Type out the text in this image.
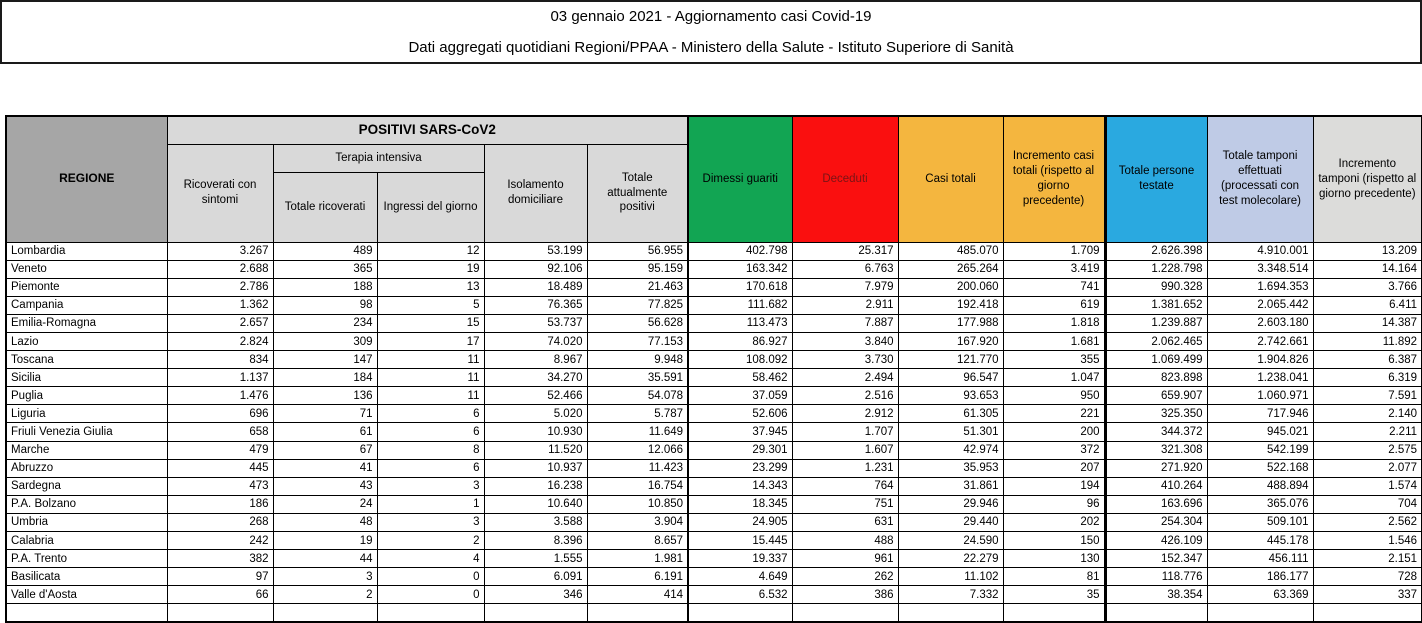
03 gennaio 2021 - Aggiornamento casi Covid-19
Dati aggregati quotidiani Regioni/PPAA - Ministero della Salute - Istituto Superiore di Sanità
REGIONE	POSITIVI SARS-CoV2					Dimessi guariti	Deceduti	Casi totali	Incremento casi totali (rispetto al giorno precedente)	Totale persone testate	Totale tamponi effettuati (processati con test molecolare)	Incremento tamponi (rispetto al giorno precedente)
	Ricoverati con sintomi	Terapia intensiva		Isolamento domiciliare	Totale attualmente positivi							
		Totale ricoverati	Ingressi del giorno									
Lombardia	3.267	489	12	53.199	56.955	402.798	25.317	485.070	1.709	2.626.398	4.910.001	13.209
Veneto	2.688	365	19	92.106	95.159	163.342	6.763	265.264	3.419	1.228.798	3.348.514	14.164
Piemonte	2.786	188	13	18.489	21.463	170.618	7.979	200.060	741	990.328	1.694.353	3.766
Campania	1.362	98	5	76.365	77.825	111.682	2.911	192.418	619	1.381.652	2.065.442	6.411
Emilia-Romagna	2.657	234	15	53.737	56.628	113.473	7.887	177.988	1.818	1.239.887	2.603.180	14.387
Lazio	2.824	309	17	74.020	77.153	86.927	3.840	167.920	1.681	2.062.465	2.742.661	11.892
Toscana	834	147	11	8.967	9.948	108.092	3.730	121.770	355	1.069.499	1.904.826	6.387
Sicilia	1.137	184	11	34.270	35.591	58.462	2.494	96.547	1.047	823.898	1.238.041	6.319
Puglia	1.476	136	11	52.466	54.078	37.059	2.516	93.653	950	659.907	1.060.971	7.591
Liguria	696	71	6	5.020	5.787	52.606	2.912	61.305	221	325.350	717.946	2.140
Friuli Venezia Giulia	658	61	6	10.930	11.649	37.945	1.707	51.301	200	344.372	945.021	2.211
Marche	479	67	8	11.520	12.066	29.301	1.607	42.974	372	321.308	542.199	2.575
Abruzzo	445	41	6	10.937	11.423	23.299	1.231	35.953	207	271.920	522.168	2.077
Sardegna	473	43	3	16.238	16.754	14.343	764	31.861	194	410.264	488.894	1.574
P.A. Bolzano	186	24	1	10.640	10.850	18.345	751	29.946	96	163.696	365.076	704
Umbria	268	48	3	3.588	3.904	24.905	631	29.440	202	254.304	509.101	2.562
Calabria	242	19	2	8.396	8.657	15.445	488	24.590	150	426.109	445.178	1.546
P.A. Trento	382	44	4	1.555	1.981	19.337	961	22.279	130	152.347	456.111	2.151
Basilicata	97	3	0	6.091	6.191	4.649	262	11.102	81	118.776	186.177	728
Valle d'Aosta	66	2	0	346	414	6.532	386	7.332	35	38.354	63.369	337
